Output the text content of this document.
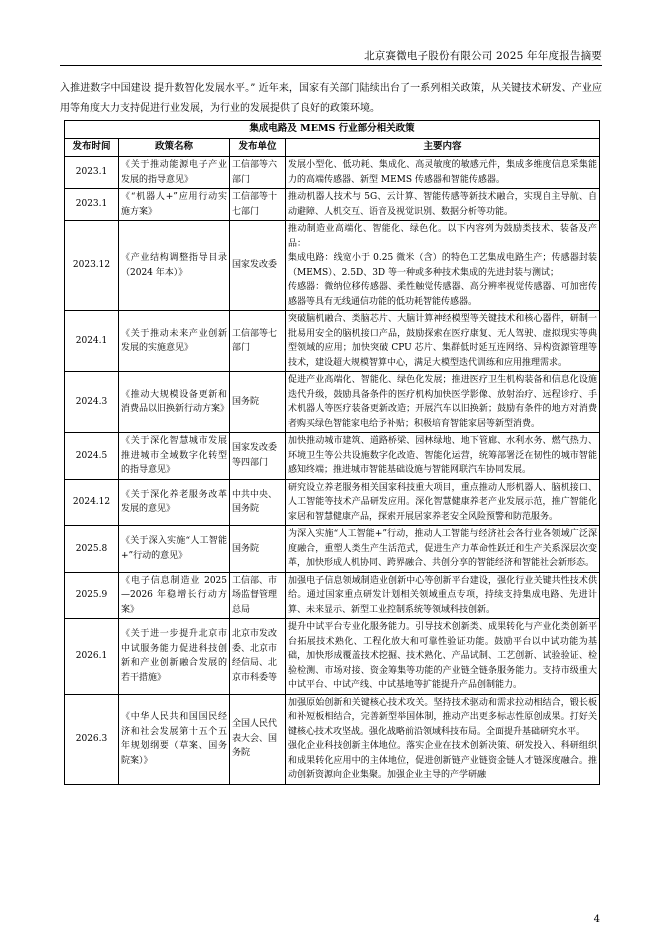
北京赛微电子股份有限公司 2025 年年度报告摘要
入推进数字中国建设 提升数智化发展水平。” 近年来，国家有关部门陆续出台了一系列相关政策，从关键技术研发、产业应用等角度大力支持促进行业发展，为行业的发展提供了良好的政策环境。
集成电路及 MEMS 行业部分相关政策			
发布时间	政策名称	发布单位	主要内容
2023.1	《关于推动能源电子产业发展的指导意见》	工信部等六部门	发展小型化、低功耗、集成化、高灵敏度的敏感元件，集成多维度信息采集能力的高端传感器、新型 MEMS 传感器和智能传感器。

2023.1	《“机器人+”应用行动实施方案》	工信部等十七部门	推动机器人技术与 5G、云计算、智能传感等新技术融合，实现自主导航、自动避障、人机交互、语音及视觉识别、数据分析等功能。

2023.12	《产业结构调整指导目录（2024 年本）》	国家发改委	推动制造业高端化、智能化、绿色化。以下内容列为鼓励类技术、装备及产品：
集成电路：线宽小于 0.25 微米（含）的特色工艺集成电路生产；传感器封装（MEMS）、2.5D、3D 等一种或多种技术集成的先进封装与测试；
传感器：微纳位移传感器、柔性触觉传感器、高分辨率视觉传感器、可加密传感器等具有无线通信功能的低功耗智能传感器。

2024.1	《关于推动未来产业创新发展的实施意见》	工信部等七部门	突破脑机融合、类脑芯片、大脑计算神经模型等关键技术和核心器件，研制一批易用安全的脑机接口产品，鼓励探索在医疗康复、无人驾驶、虚拟现实等典型领域的应用；加快突破 CPU 芯片、集群低时延互连网络、异构资源管理等技术，建设超大规模智算中心，满足大模型迭代训练和应用推理需求。

2024.3	《推动大规模设备更新和消费品以旧换新行动方案》	国务院	促进产业高端化、智能化、绿色化发展；推进医疗卫生机构装备和信息化设施迭代升级，鼓励具备条件的医疗机构加快医学影像、放射治疗、远程诊疗、手术机器人等医疗装备更新改造；开展汽车以旧换新；鼓励有条件的地方对消费者购买绿色智能家电给予补贴；积极培育智能家居等新型消费。

2024.5	《关于深化智慧城市发展 推进城市全域数字化转型的指导意见》	国家发改委等四部门	加快推动城市建筑、道路桥梁、园林绿地、地下管廊、水利水务、燃气热力、环境卫生等公共设施数字化改造、智能化运营，统筹部署泛在韧性的城市智能感知终端；推进城市智能基础设施与智能网联汽车协同发展。

2024.12	《关于深化养老服务改革发展的意见》	中共中央、国务院	研究设立养老服务相关国家科技重大项目，重点推动人形机器人、脑机接口、人工智能等技术产品研发应用。深化智慧健康养老产业发展示范，推广智能化家居和智慧健康产品，探索开展居家养老安全风险预警和防范服务。

2025.8	《关于深入实施“人工智能+”行动的意见》	国务院	为深入实施“人工智能+”行动，推动人工智能与经济社会各行业各领域广泛深度融合，重塑人类生产生活范式，促进生产力革命性跃迁和生产关系深层次变革，加快形成人机协同、跨界融合、共创分享的智能经济和智能社会新形态。

2025.9	《电子信息制造业 2025—2026 年稳增长行动方案》	工信部、市场监督管理总局	加强电子信息领域制造业创新中心等创新平台建设，强化行业关键共性技术供给。通过国家重点研发计划相关领域重点专项，持续支持集成电路、先进计算、未来显示、新型工业控制系统等领域科技创新。

2026.1	《关于进一步提升北京市中试服务能力促进科技创新和产业创新融合发展的若干措施》	北京市发改委、北京市经信局、北京市科委等	提升中试平台专业化服务能力。引导技术创新类、成果转化与产业化类创新平台拓展技术熟化、工程化放大和可靠性验证功能。鼓励平台以中试功能为基础，加快形成覆盖技术挖掘、技术熟化、产品试制、工艺创新、试验验证、检验检测、市场对接、资金筹集等功能的产业链全链条服务能力。支持市级重大中试平台、中试产线、中试基地等扩能提升产品创制能力。

2026.3	《中华人民共和国国民经济和社会发展第十五个五年规划纲要（草案、国务院案）》	全国人民代表大会、国务院	加强原始创新和关键核心技术攻关。坚持技术驱动和需求拉动相结合，锻长板和补短板相结合，完善新型举国体制，推动产出更多标志性原创成果。打好关键核心技术攻坚战。强化战略前沿领域科技布局。全面提升基础研究水平。
强化企业科技创新主体地位。落实企业在技术创新决策、研发投入、科研组织和成果转化应用中的主体地位，促进创新链产业链资金链人才链深度融合。推动创新资源向企业集聚。加强企业主导的产学研融
4
